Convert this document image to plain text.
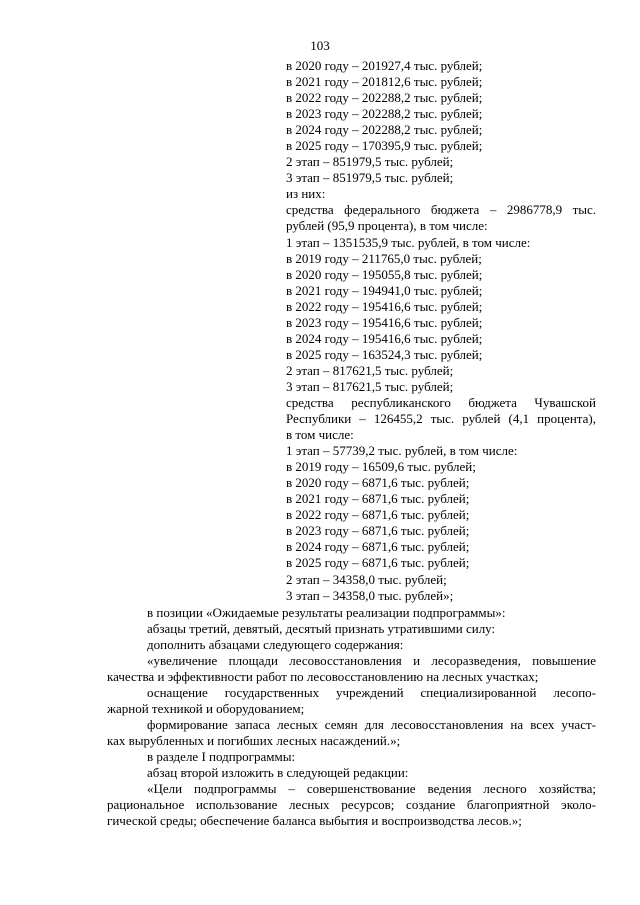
103
в 2020 году – 201927,4 тыс. рублей;
в 2021 году – 201812,6 тыс. рублей;
в 2022 году – 202288,2 тыс. рублей;
в 2023 году – 202288,2 тыс. рублей;
в 2024 году – 202288,2 тыс. рублей;
в 2025 году – 170395,9 тыс. рублей;
2 этап – 851979,5 тыс. рублей;
3 этап – 851979,5 тыс. рублей;
из них:
средства федерального бюджета – 2986778,9 тыс.
рублей (95,9 процента), в том числе:
1 этап – 1351535,9 тыс. рублей, в том числе:
в 2019 году – 211765,0 тыс. рублей;
в 2020 году – 195055,8 тыс. рублей;
в 2021 году – 194941,0 тыс. рублей;
в 2022 году – 195416,6 тыс. рублей;
в 2023 году – 195416,6 тыс. рублей;
в 2024 году – 195416,6 тыс. рублей;
в 2025 году – 163524,3 тыс. рублей;
2 этап – 817621,5 тыс. рублей;
3 этап – 817621,5 тыс. рублей;
средства республиканского бюджета Чувашской
Республики – 126455,2 тыс. рублей (4,1 процента),
в том числе:
1 этап – 57739,2 тыс. рублей, в том числе:
в 2019 году – 16509,6 тыс. рублей;
в 2020 году – 6871,6 тыс. рублей;
в 2021 году – 6871,6 тыс. рублей;
в 2022 году – 6871,6 тыс. рублей;
в 2023 году – 6871,6 тыс. рублей;
в 2024 году – 6871,6 тыс. рублей;
в 2025 году – 6871,6 тыс. рублей;
2 этап – 34358,0 тыс. рублей;
3 этап – 34358,0 тыс. рублей»;
в позиции «Ожидаемые результаты реализации подпрограммы»:
абзацы третий, девятый, десятый признать утратившими силу:
дополнить абзацами следующего содержания:
«увеличение площади лесовосстановления и лесоразведения, повышение
качества и эффективности работ по лесовосстановлению на лесных участках;
оснащение государственных учреждений специализированной лесопо-
жарной техникой и оборудованием;
формирование запаса лесных семян для лесовосстановления на всех участ-
ках вырубленных и погибших лесных насаждений.»;
в разделе I подпрограммы:
абзац второй изложить в следующей редакции:
«Цели подпрограммы – совершенствование ведения лесного хозяйства;
рациональное использование лесных ресурсов; создание благоприятной эколо-
гической среды; обеспечение баланса выбытия и воспроизводства лесов.»;
